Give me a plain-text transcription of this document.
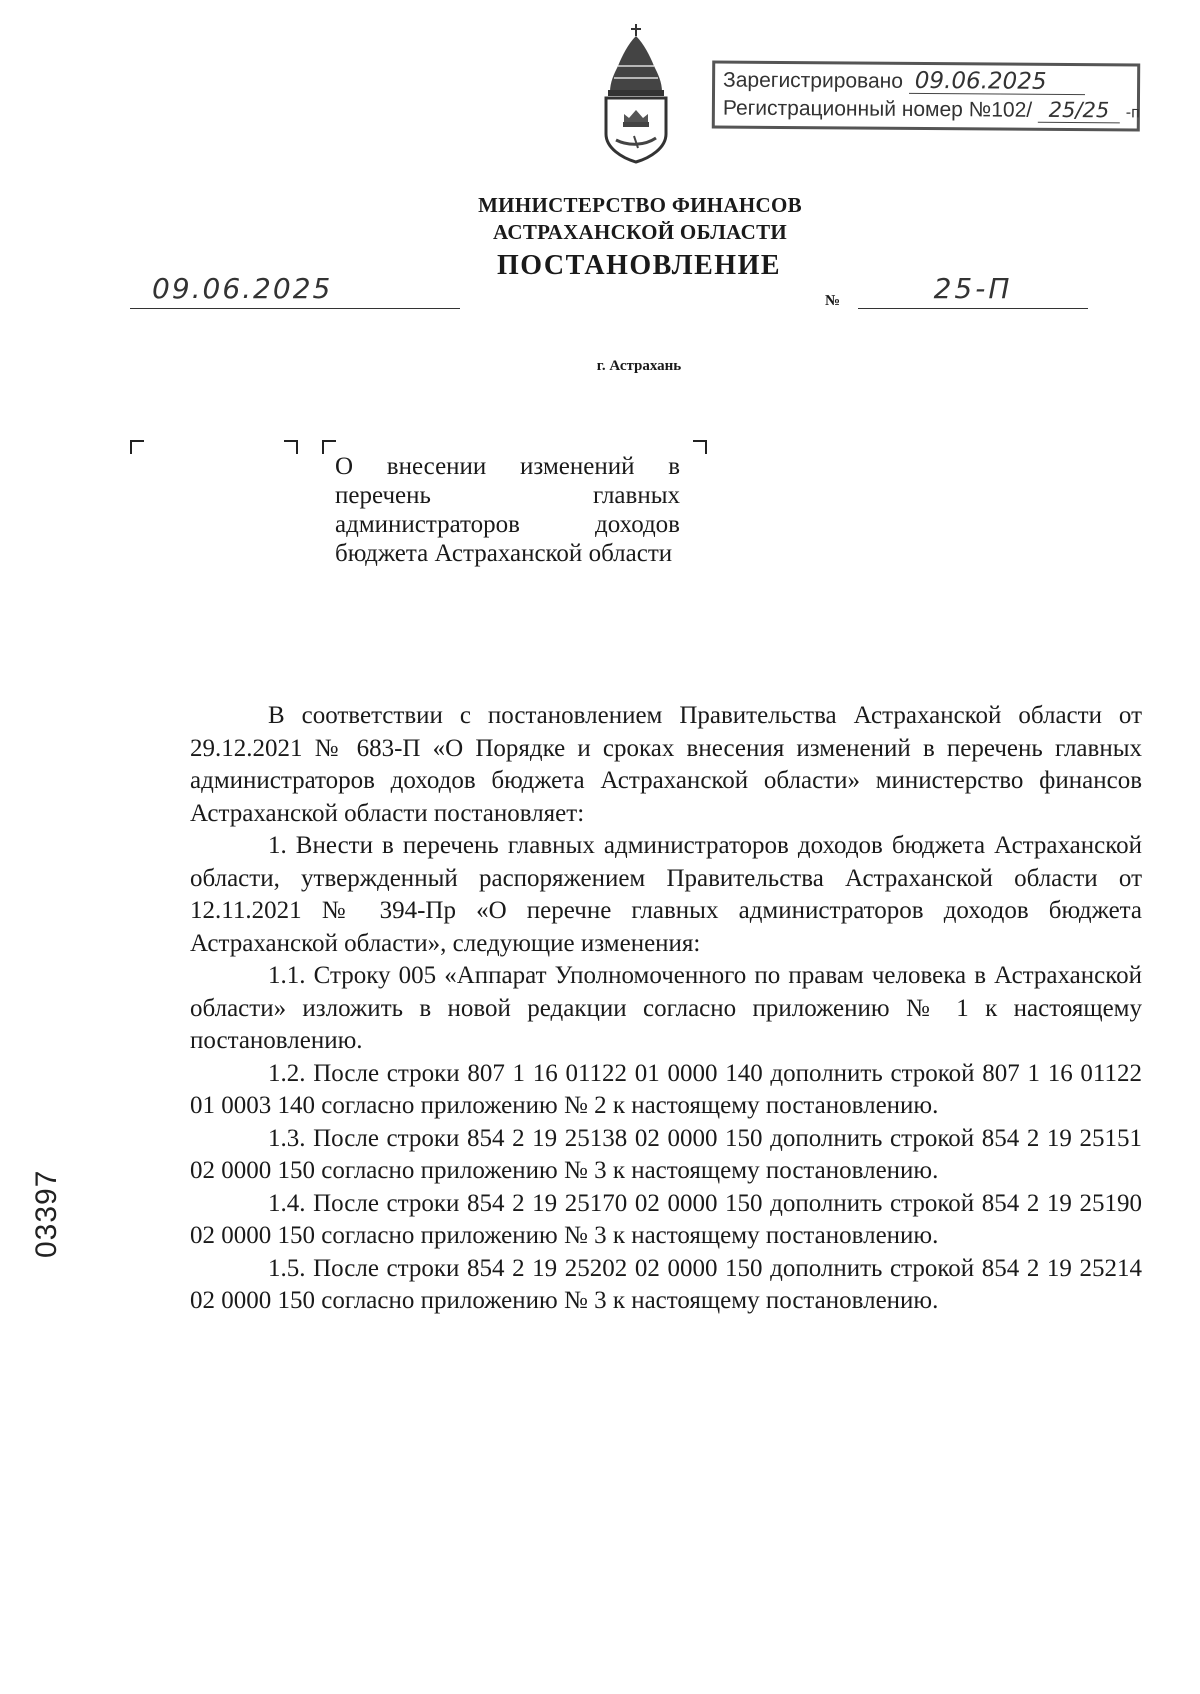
Зарегистрировано 09.06.2025
Регистрационный номер №102/ 25/25 -п
МИНИСТЕРСТВО ФИНАНСОВ
АСТРАХАНСКОЙ ОБЛАСТИ
ПОСТАНОВЛЕНИЕ
09.06.2025	№	25-П
г. Астрахань
О внесении изменений в перечень главных администраторов доходов бюджета Астраханской области

В соответствии с постановлением Правительства Астраханской области от 29.12.2021 № 683-П «О Порядке и сроках внесения изменений в перечень главных администраторов доходов бюджета Астраханской области» министерство финансов Астраханской области постановляет:

1. Внести в перечень главных администраторов доходов бюджета Астраханской области, утвержденный распоряжением Правительства Астраханской области от 12.11.2021 № 394-Пр «О перечне главных администраторов доходов бюджета Астраханской области», следующие изменения:

1.1. Строку 005 «Аппарат Уполномоченного по правам человека в Астраханской области» изложить в новой редакции согласно приложению № 1 к настоящему постановлению.

1.2. После строки 807 1 16 01122 01 0000 140 дополнить строкой 807 1 16 01122 01 0003 140 согласно приложению № 2 к настоящему постановлению.

1.3. После строки 854 2 19 25138 02 0000 150 дополнить строкой 854 2 19 25151 02 0000 150 согласно приложению № 3 к настоящему постановлению.

1.4. После строки 854 2 19 25170 02 0000 150 дополнить строкой 854 2 19 25190 02 0000 150 согласно приложению № 3 к настоящему постановлению.

1.5. После строки 854 2 19 25202 02 0000 150 дополнить строкой 854 2 19 25214 02 0000 150 согласно приложению № 3 к настоящему постановлению.

03397
